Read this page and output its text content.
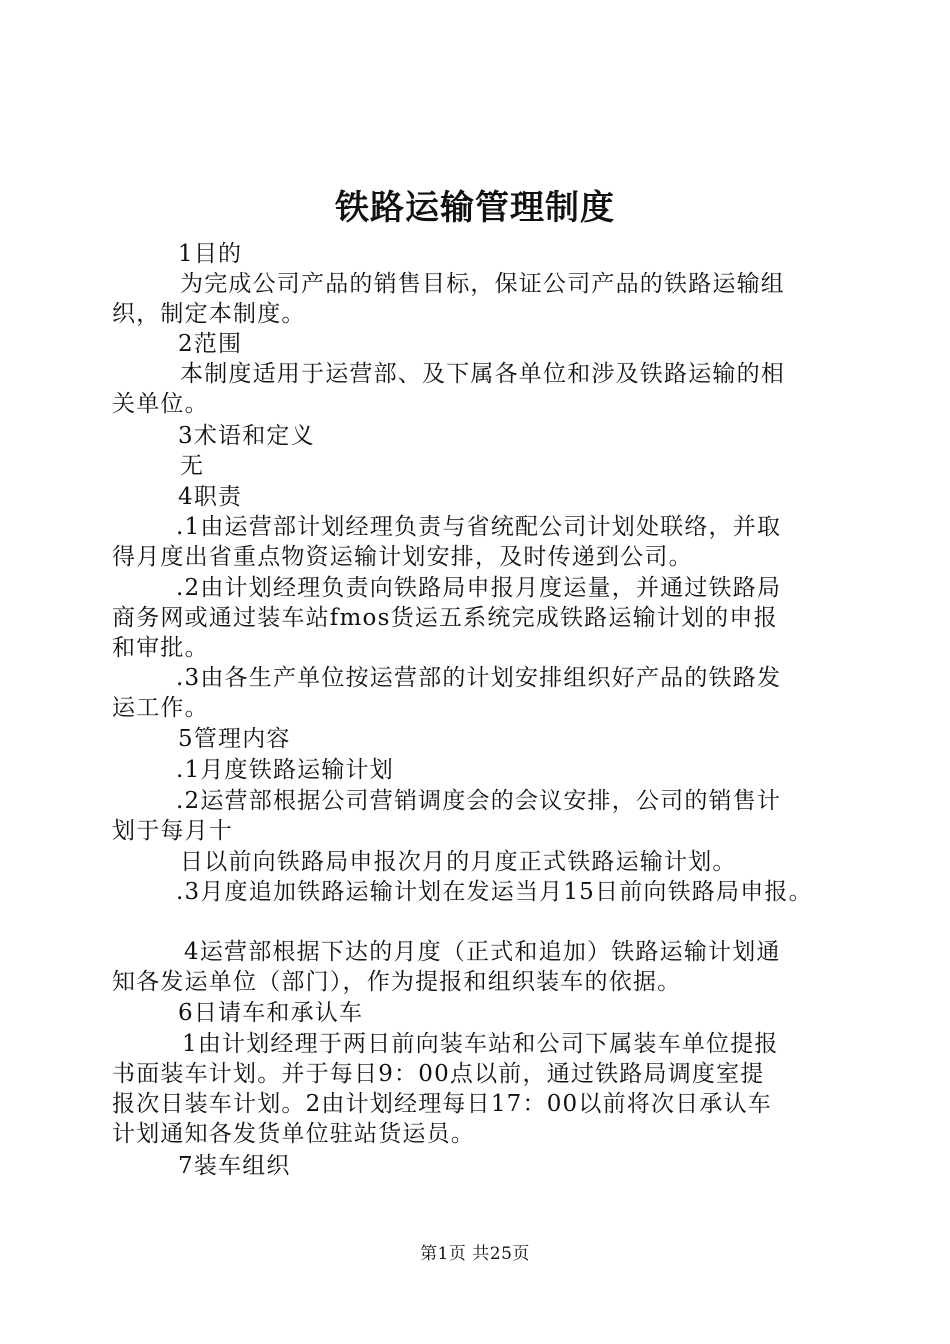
铁路运输管理制度

1目的

为完成公司产品的销售目标，保证公司产品的铁路运输组

织，制定本制度。

2范围

本制度适用于运营部、及下属各单位和涉及铁路运输的相

关单位。

3术语和定义

无

4职责

.1由运营部计划经理负责与省统配公司计划处联络，并取

得月度出省重点物资运输计划安排，及时传递到公司。

.2由计划经理负责向铁路局申报月度运量，并通过铁路局

商务网或通过装车站fmos货运五系统完成铁路运输计划的申报

和审批。

.3由各生产单位按运营部的计划安排组织好产品的铁路发

运工作。

5管理内容

.1月度铁路运输计划

.2运营部根据公司营销调度会的会议安排，公司的销售计

划于每月十

日以前向铁路局申报次月的月度正式铁路运输计划。

.3月度追加铁路运输计划在发运当月15日前向铁路局申报。

4运营部根据下达的月度（正式和追加）铁路运输计划通

知各发运单位（部门），作为提报和组织装车的依据。

6日请车和承认车

1由计划经理于两日前向装车站和公司下属装车单位提报

书面装车计划。并于每日9：00点以前，通过铁路局调度室提

报次日装车计划。2由计划经理每日17：00以前将次日承认车

计划通知各发货单位驻站货运员。

7装车组织

第1页 共25页
